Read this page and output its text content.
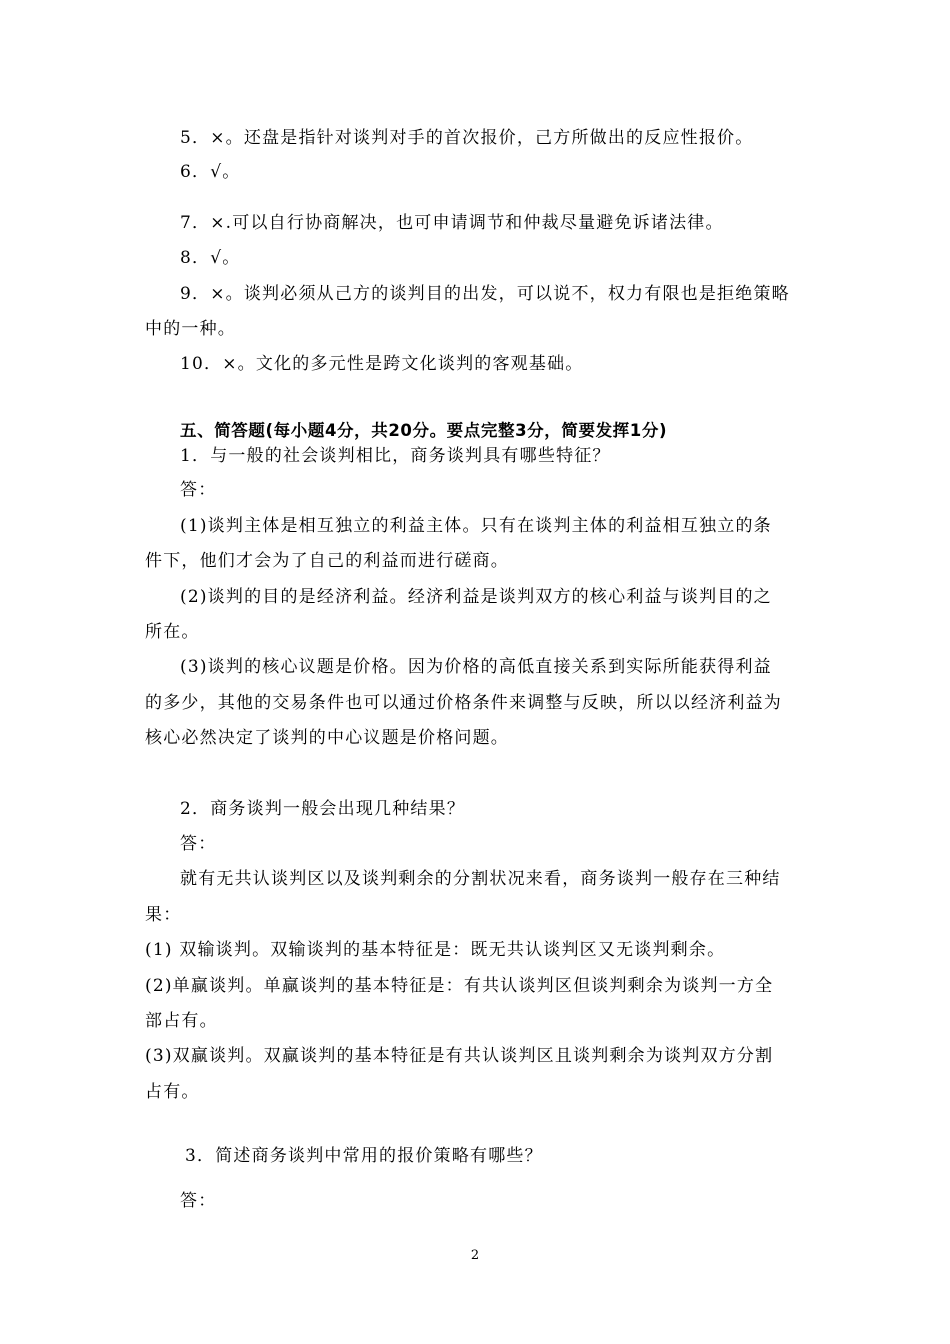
5．×。还盘是指针对谈判对手的首次报价，己方所做出的反应性报价。
6．√。
7．×.可以自行协商解决，也可申请调节和仲裁尽量避免诉诸法律。
8．√。
9．×。谈判必须从己方的谈判目的出发，可以说不，权力有限也是拒绝策略
中的一种。
10．×。文化的多元性是跨文化谈判的客观基础。
五、简答题(每小题4分，共20分。要点完整3分，简要发挥1分)
1．与一般的社会谈判相比，商务谈判具有哪些特征？
答：
(1)谈判主体是相互独立的利益主体。只有在谈判主体的利益相互独立的条
件下，他们才会为了自己的利益而进行磋商。
(2)谈判的目的是经济利益。经济利益是谈判双方的核心利益与谈判目的之
所在。
(3)谈判的核心议题是价格。因为价格的高低直接关系到实际所能获得利益
的多少，其他的交易条件也可以通过价格条件来调整与反映，所以以经济利益为
核心必然决定了谈判的中心议题是价格问题。
2．商务谈判一般会出现几种结果？
答：
就有无共认谈判区以及谈判剩余的分割状况来看，商务谈判一般存在三种结
果：
(1) 双输谈判。双输谈判的基本特征是：既无共认谈判区又无谈判剩余。
(2)单赢谈判。单赢谈判的基本特征是：有共认谈判区但谈判剩余为谈判一方全
部占有。
(3)双赢谈判。双赢谈判的基本特征是有共认谈判区且谈判剩余为谈判双方分割
占有。
3．简述商务谈判中常用的报价策略有哪些？
答：
2
